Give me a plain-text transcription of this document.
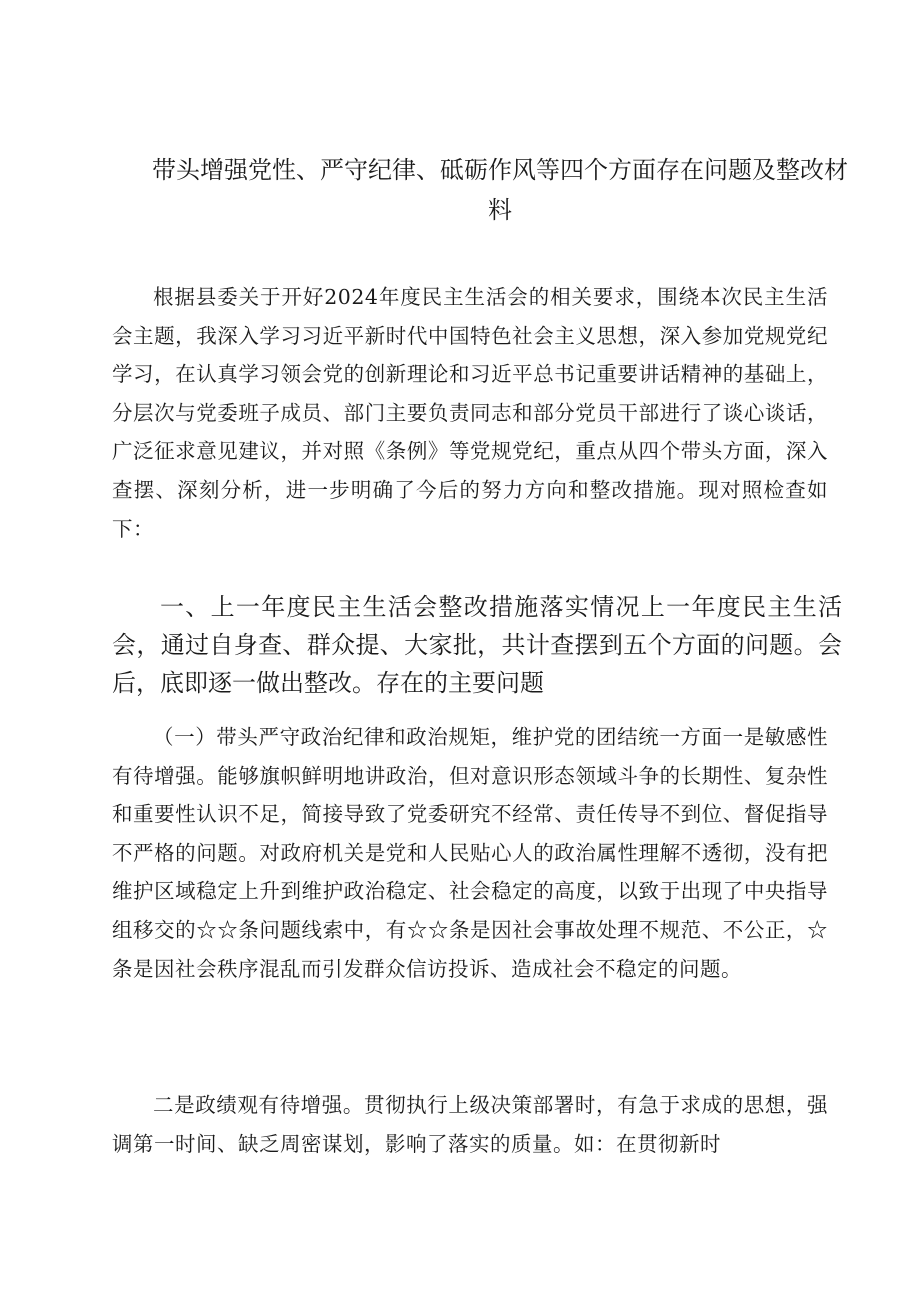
带头增强党性、严守纪律、砥砺作风等四个方面存在问题及整改材料

根据县委关于开好2024年度民主生活会的相关要求，围绕本次民主生活会主题，我深入学习习近平新时代中国特色社会主义思想，深入参加党规党纪学习，在认真学习领会党的创新理论和习近平总书记重要讲话精神的基础上，分层次与党委班子成员、部门主要负责同志和部分党员干部进行了谈心谈话，广泛征求意见建议，并对照《条例》等党规党纪，重点从四个带头方面，深入查摆、深刻分析，进一步明确了今后的努力方向和整改措施。现对照检查如下：

一、上一年度民主生活会整改措施落实情况上一年度民主生活会，通过自身查、群众提、大家批，共计查摆到五个方面的问题。会后，底即逐一做出整改。存在的主要问题

（一）带头严守政治纪律和政治规矩，维护党的团结统一方面一是敏感性有待增强。能够旗帜鲜明地讲政治，但对意识形态领域斗争的长期性、复杂性和重要性认识不足，简接导致了党委研究不经常、责任传导不到位、督促指导不严格的问题。对政府机关是党和人民贴心人的政治属性理解不透彻，没有把维护区域稳定上升到维护政治稳定、社会稳定的高度，以致于出现了中央指导组移交的☆☆条问题线索中，有☆☆条是因社会事故处理不规范、不公正，☆条是因社会秩序混乱而引发群众信访投诉、造成社会不稳定的问题。

二是政绩观有待增强。贯彻执行上级决策部署时，有急于求成的思想，强调第一时间、缺乏周密谋划，影响了落实的质量。如：在贯彻新时
